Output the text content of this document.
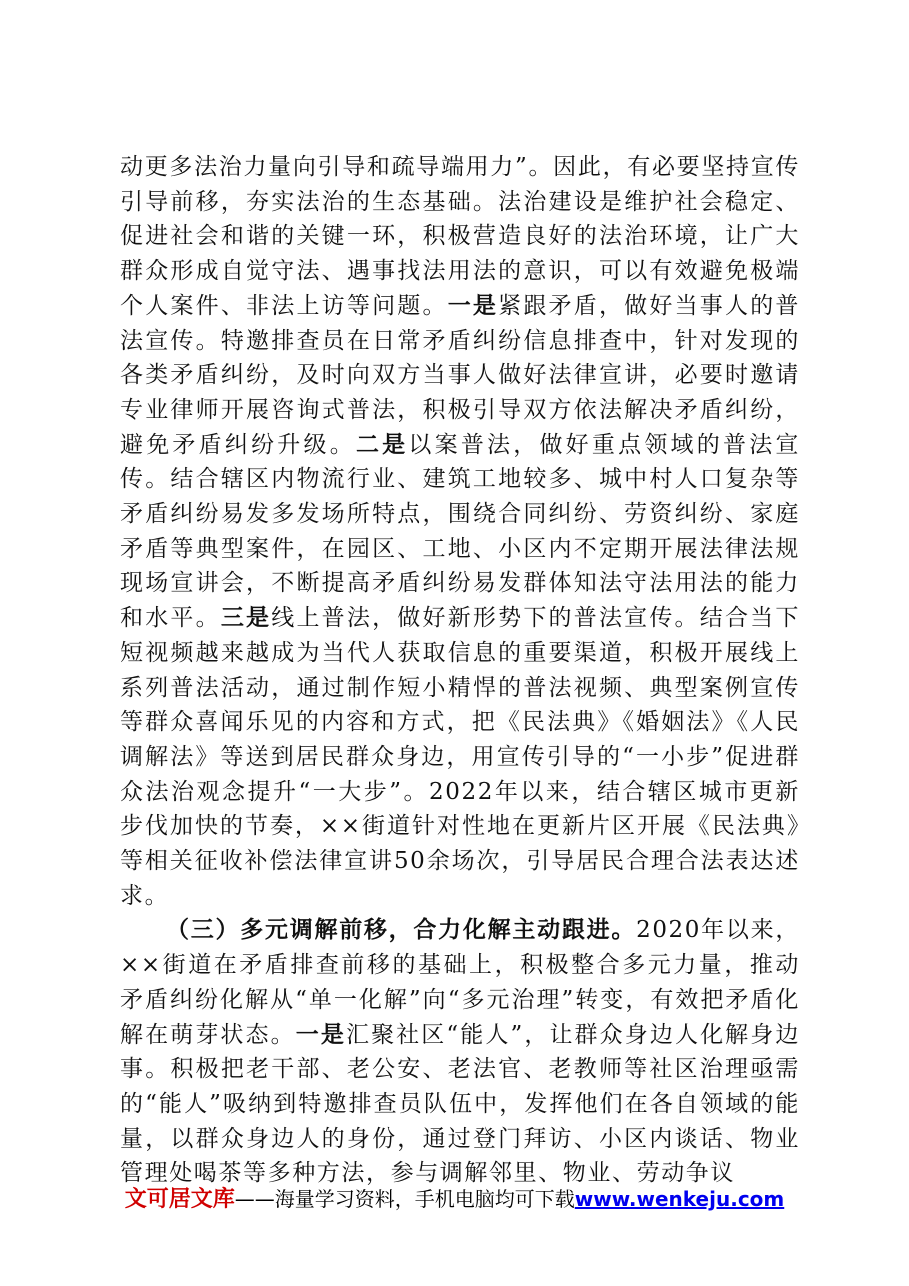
动更多法治力量向引导和疏导端用力”。因此，有必要坚持宣传引导前移，夯实法治的生态基础。法治建设是维护社会稳定、促进社会和谐的关键一环，积极营造良好的法治环境，让广大群众形成自觉守法、遇事找法用法的意识，可以有效避免极端个人案件、非法上访等问题。一是紧跟矛盾，做好当事人的普法宣传。特邀排查员在日常矛盾纠纷信息排查中，针对发现的各类矛盾纠纷，及时向双方当事人做好法律宣讲，必要时邀请专业律师开展咨询式普法，积极引导双方依法解决矛盾纠纷，避免矛盾纠纷升级。二是以案普法，做好重点领域的普法宣传。结合辖区内物流行业、建筑工地较多、城中村人口复杂等矛盾纠纷易发多发场所特点，围绕合同纠纷、劳资纠纷、家庭矛盾等典型案件，在园区、工地、小区内不定期开展法律法规现场宣讲会，不断提高矛盾纠纷易发群体知法守法用法的能力和水平。三是线上普法，做好新形势下的普法宣传。结合当下短视频越来越成为当代人获取信息的重要渠道，积极开展线上系列普法活动，通过制作短小精悍的普法视频、典型案例宣传等群众喜闻乐见的内容和方式，把《民法典》《婚姻法》《人民调解法》等送到居民群众身边，用宣传引导的“一小步”促进群众法治观念提升“一大步”。2022年以来，结合辖区城市更新步伐加快的节奏，××街道针对性地在更新片区开展《民法典》等相关征收补偿法律宣讲50余场次，引导居民合理合法表达述求。

（三）多元调解前移，合力化解主动跟进。2020年以来，××街道在矛盾排查前移的基础上，积极整合多元力量，推动矛盾纠纷化解从“单一化解”向“多元治理”转变，有效把矛盾化解在萌芽状态。一是汇聚社区“能人”，让群众身边人化解身边事。积极把老干部、老公安、老法官、老教师等社区治理亟需的“能人”吸纳到特邀排查员队伍中，发挥他们在各自领域的能量，以群众身边人的身份，通过登门拜访、小区内谈话、物业管理处喝茶等多种方法，参与调解邻里、物业、劳动争议

文可居文库——海量学习资料，手机电脑均可下载www.wenkeju.com
